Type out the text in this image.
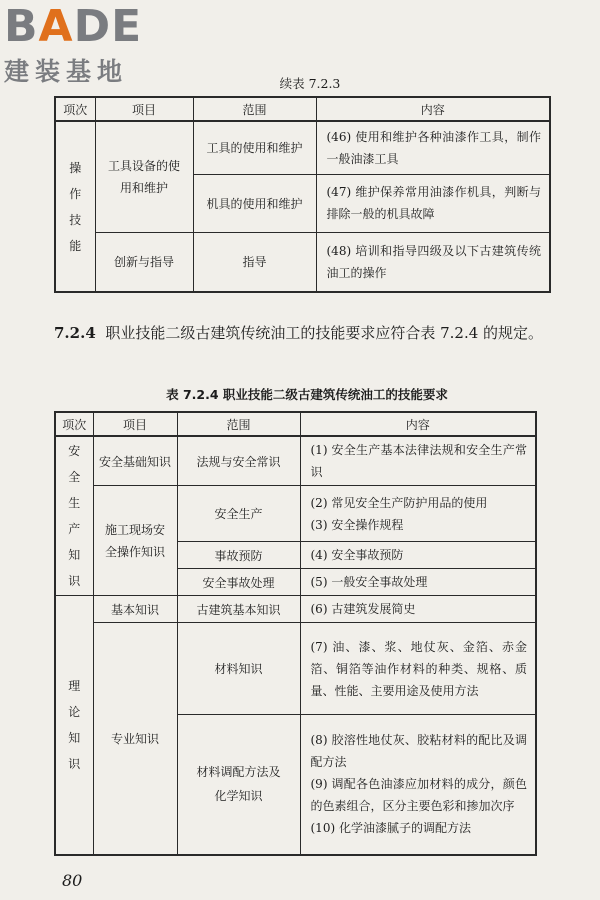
BADE
建装基地	续表 7.2.3
项次	项目	范围	内容
操作技能	工具设备的使用和维护	工具的使用和维护	(46) 使用和维护各种油漆作工具，制作一般油漆工具
		机具的使用和维护	(47) 维护保养常用油漆作机具，判断与排除一般的机具故障
	创新与指导	指导	(48) 培训和指导四级及以下古建筑传统油工的操作
7.2.4 职业技能二级古建筑传统油工的技能要求应符合表 7.2.4 的规定。
表 7.2.4 职业技能二级古建筑传统油工的技能要求
项次	项目	范围	内容
安全生产知识	安全基础知识	法规与安全常识	(1) 安全生产基本法律法规和安全生产常识
	施工现场安全操作知识	安全生产	(2) 常见安全生产防护用品的使用
(3) 安全操作规程

		事故预防	(4) 安全事故预防
		安全事故处理	(5) 一般安全事故处理
理论知识	基本知识	古建筑基本知识	(6) 古建筑发展简史
	专业知识	材料知识	(7) 油、漆、浆、地仗灰、金箔、赤金箔、铜箔等油作材料的种类、规格、质量、性能、主要用途及使用方法
		材料调配方法及化学知识	(8) 胶溶性地仗灰、胶粘材料的配比及调配方法
(9) 调配各色油漆应加材料的成分，颜色的色素组合，区分主要色彩和掺加次序
(10) 化学油漆腻子的调配方法
80
